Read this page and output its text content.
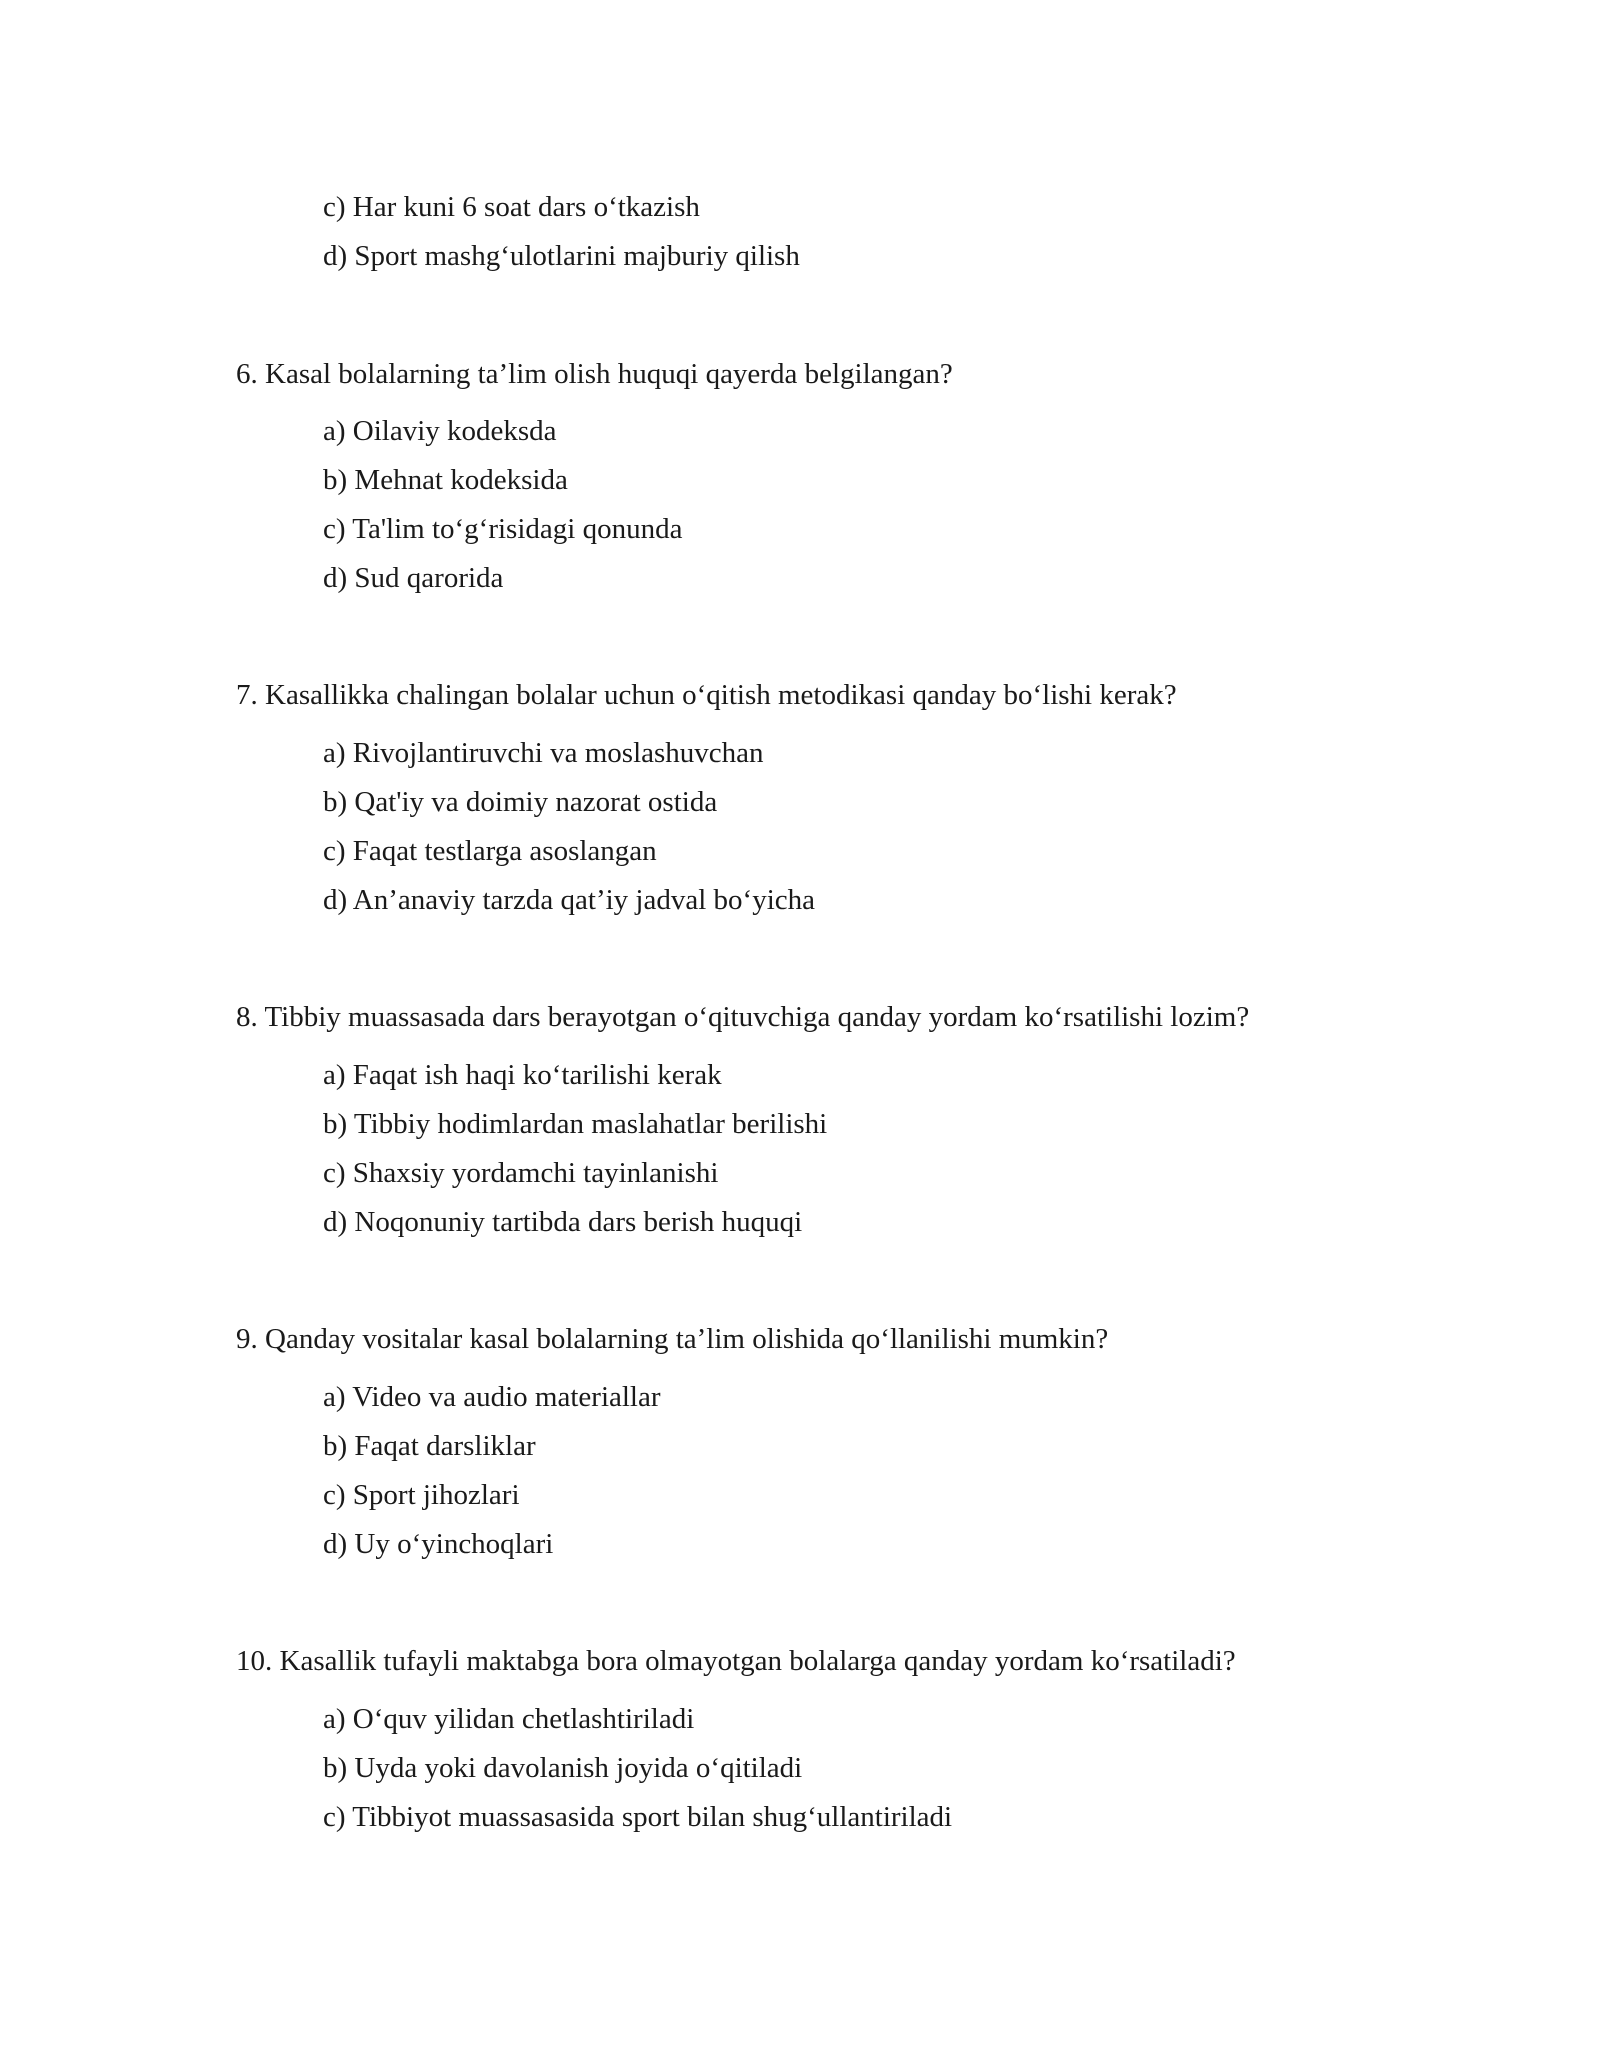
c) Har kuni 6 soat dars o‘tkazish
d) Sport mashg‘ulotlarini majburiy qilish
6. Kasal bolalarning ta’lim olish huquqi qayerda belgilangan?
a) Oilaviy kodeksda
b) Mehnat kodeksida
c) Ta'lim to‘g‘risidagi qonunda
d) Sud qarorida
7. Kasallikka chalingan bolalar uchun o‘qitish metodikasi qanday bo‘lishi kerak?
a) Rivojlantiruvchi va moslashuvchan
b) Qat'iy va doimiy nazorat ostida
c) Faqat testlarga asoslangan
d) An’anaviy tarzda qat’iy jadval bo‘yicha
8. Tibbiy muassasada dars berayotgan o‘qituvchiga qanday yordam ko‘rsatilishi lozim?
a) Faqat ish haqi ko‘tarilishi kerak
b) Tibbiy hodimlardan maslahatlar berilishi
c) Shaxsiy yordamchi tayinlanishi
d) Noqonuniy tartibda dars berish huquqi
9. Qanday vositalar kasal bolalarning ta’lim olishida qo‘llanilishi mumkin?
a) Video va audio materiallar
b) Faqat darsliklar
c) Sport jihozlari
d) Uy o‘yinchoqlari
10. Kasallik tufayli maktabga bora olmayotgan bolalarga qanday yordam ko‘rsatiladi?
a) O‘quv yilidan chetlashtiriladi
b) Uyda yoki davolanish joyida o‘qitiladi
c) Tibbiyot muassasasida sport bilan shug‘ullantiriladi
